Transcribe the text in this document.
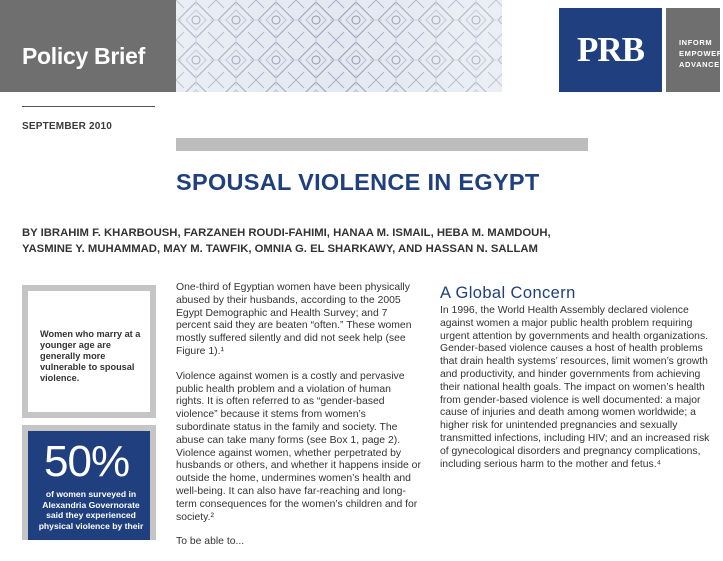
Policy Brief	PRB	INFORM
EMPOWER
ADVANCE
SEPTEMBER 2010
SPOUSAL VIOLENCE IN EGYPT
BY IBRAHIM F. KHARBOUSH, FARZANEH ROUDI-FAHIMI, HANAA M. ISMAIL, HEBA M. MAMDOUH,
YASMINE Y. MUHAMMAD, MAY M. TAWFIK, OMNIA G. EL SHARKAWY, AND HASSAN N. SALLAM
Women who marry at a younger age are generally more vulnerable to spousal violence.
50%
of women surveyed in Alexandria Governorate said they experienced physical violence by their

One-third of Egyptian women have been physically abused by their husbands, according to the 2005 Egypt Demographic and Health Survey; and 7 percent said they are beaten “often.” These women mostly suffered silently and did not seek help (see Figure 1).¹

Violence against women is a costly and pervasive public health problem and a violation of human rights. It is often referred to as “gender-based violence” because it stems from women’s subordinate status in the family and society. The abuse can take many forms (see Box 1, page 2). Violence against women, whether perpetrated by husbands or others, and whether it happens inside or outside the home, undermines women’s health and well-being. It can also have far-reaching and long-term consequences for the women’s children and for society.²

To be able to...

A Global Concern

In 1996, the World Health Assembly declared violence against women a major public health problem requiring urgent attention by governments and health organizations. Gender-based violence causes a host of health problems that drain health systems’ resources, limit women’s growth and productivity, and hinder governments from achieving their national health goals. The impact on women’s health from gender-based violence is well documented: a major cause of injuries and death among women worldwide; a higher risk for unintended pregnancies and sexually transmitted infections, including HIV; and an increased risk of gynecological disorders and pregnancy complications, including serious harm to the mother and fetus.⁴
